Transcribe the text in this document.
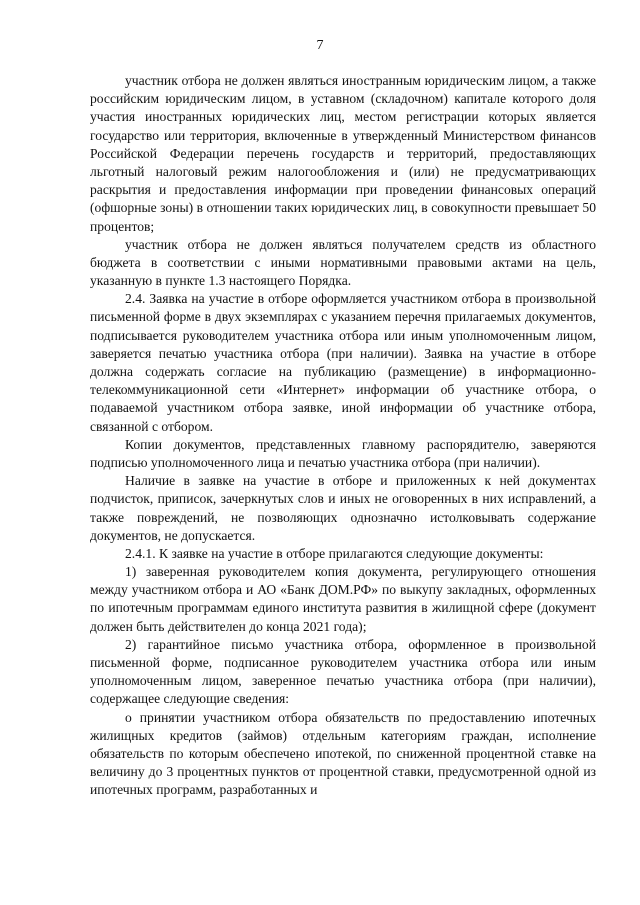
7

участник отбора не должен являться иностранным юридическим лицом, а также российским юридическим лицом, в уставном (складочном) капитале которого доля участия иностранных юридических лиц, местом регистрации которых является государство или территория, включенные в утвержденный Министерством финансов Российской Федерации перечень государств и территорий, предоставляющих льготный налоговый режим налогообложения и (или) не предусматривающих раскрытия и предоставления информации при проведении финансовых операций (офшорные зоны) в отношении таких юридических лиц, в совокупности превышает 50 процентов;

участник отбора не должен являться получателем средств из областного бюджета в соответствии с иными нормативными правовыми актами на цель, указанную в пункте 1.3 настоящего Порядка.

2.4. Заявка на участие в отборе оформляется участником отбора в произвольной письменной форме в двух экземплярах с указанием перечня прилагаемых документов, подписывается руководителем участника отбора или иным уполномоченным лицом, заверяется печатью участника отбора (при наличии). Заявка на участие в отборе должна содержать согласие на публикацию (размещение) в информационно-телекоммуникационной сети «Интернет» информации об участнике отбора, о подаваемой участником отбора заявке, иной информации об участнике отбора, связанной с отбором.

Копии документов, представленных главному распорядителю, заверяются подписью уполномоченного лица и печатью участника отбора (при наличии).

Наличие в заявке на участие в отборе и приложенных к ней документах подчисток, приписок, зачеркнутых слов и иных не оговоренных в них исправлений, а также повреждений, не позволяющих однозначно истолковывать содержание документов, не допускается.

2.4.1. К заявке на участие в отборе прилагаются следующие документы:

1) заверенная руководителем копия документа, регулирующего отношения между участником отбора и АО «Банк ДОМ.РФ» по выкупу закладных, оформленных по ипотечным программам единого института развития в жилищной сфере (документ должен быть действителен до конца 2021 года);

2) гарантийное письмо участника отбора, оформленное в произвольной письменной форме, подписанное руководителем участника отбора или иным уполномоченным лицом, заверенное печатью участника отбора (при наличии), содержащее следующие сведения:

о принятии участником отбора обязательств по предоставлению ипотечных жилищных кредитов (займов) отдельным категориям граждан, исполнение обязательств по которым обеспечено ипотекой, по сниженной процентной ставке на величину до 3 процентных пунктов от процентной ставки, предусмотренной одной из ипотечных программ, разработанных и
